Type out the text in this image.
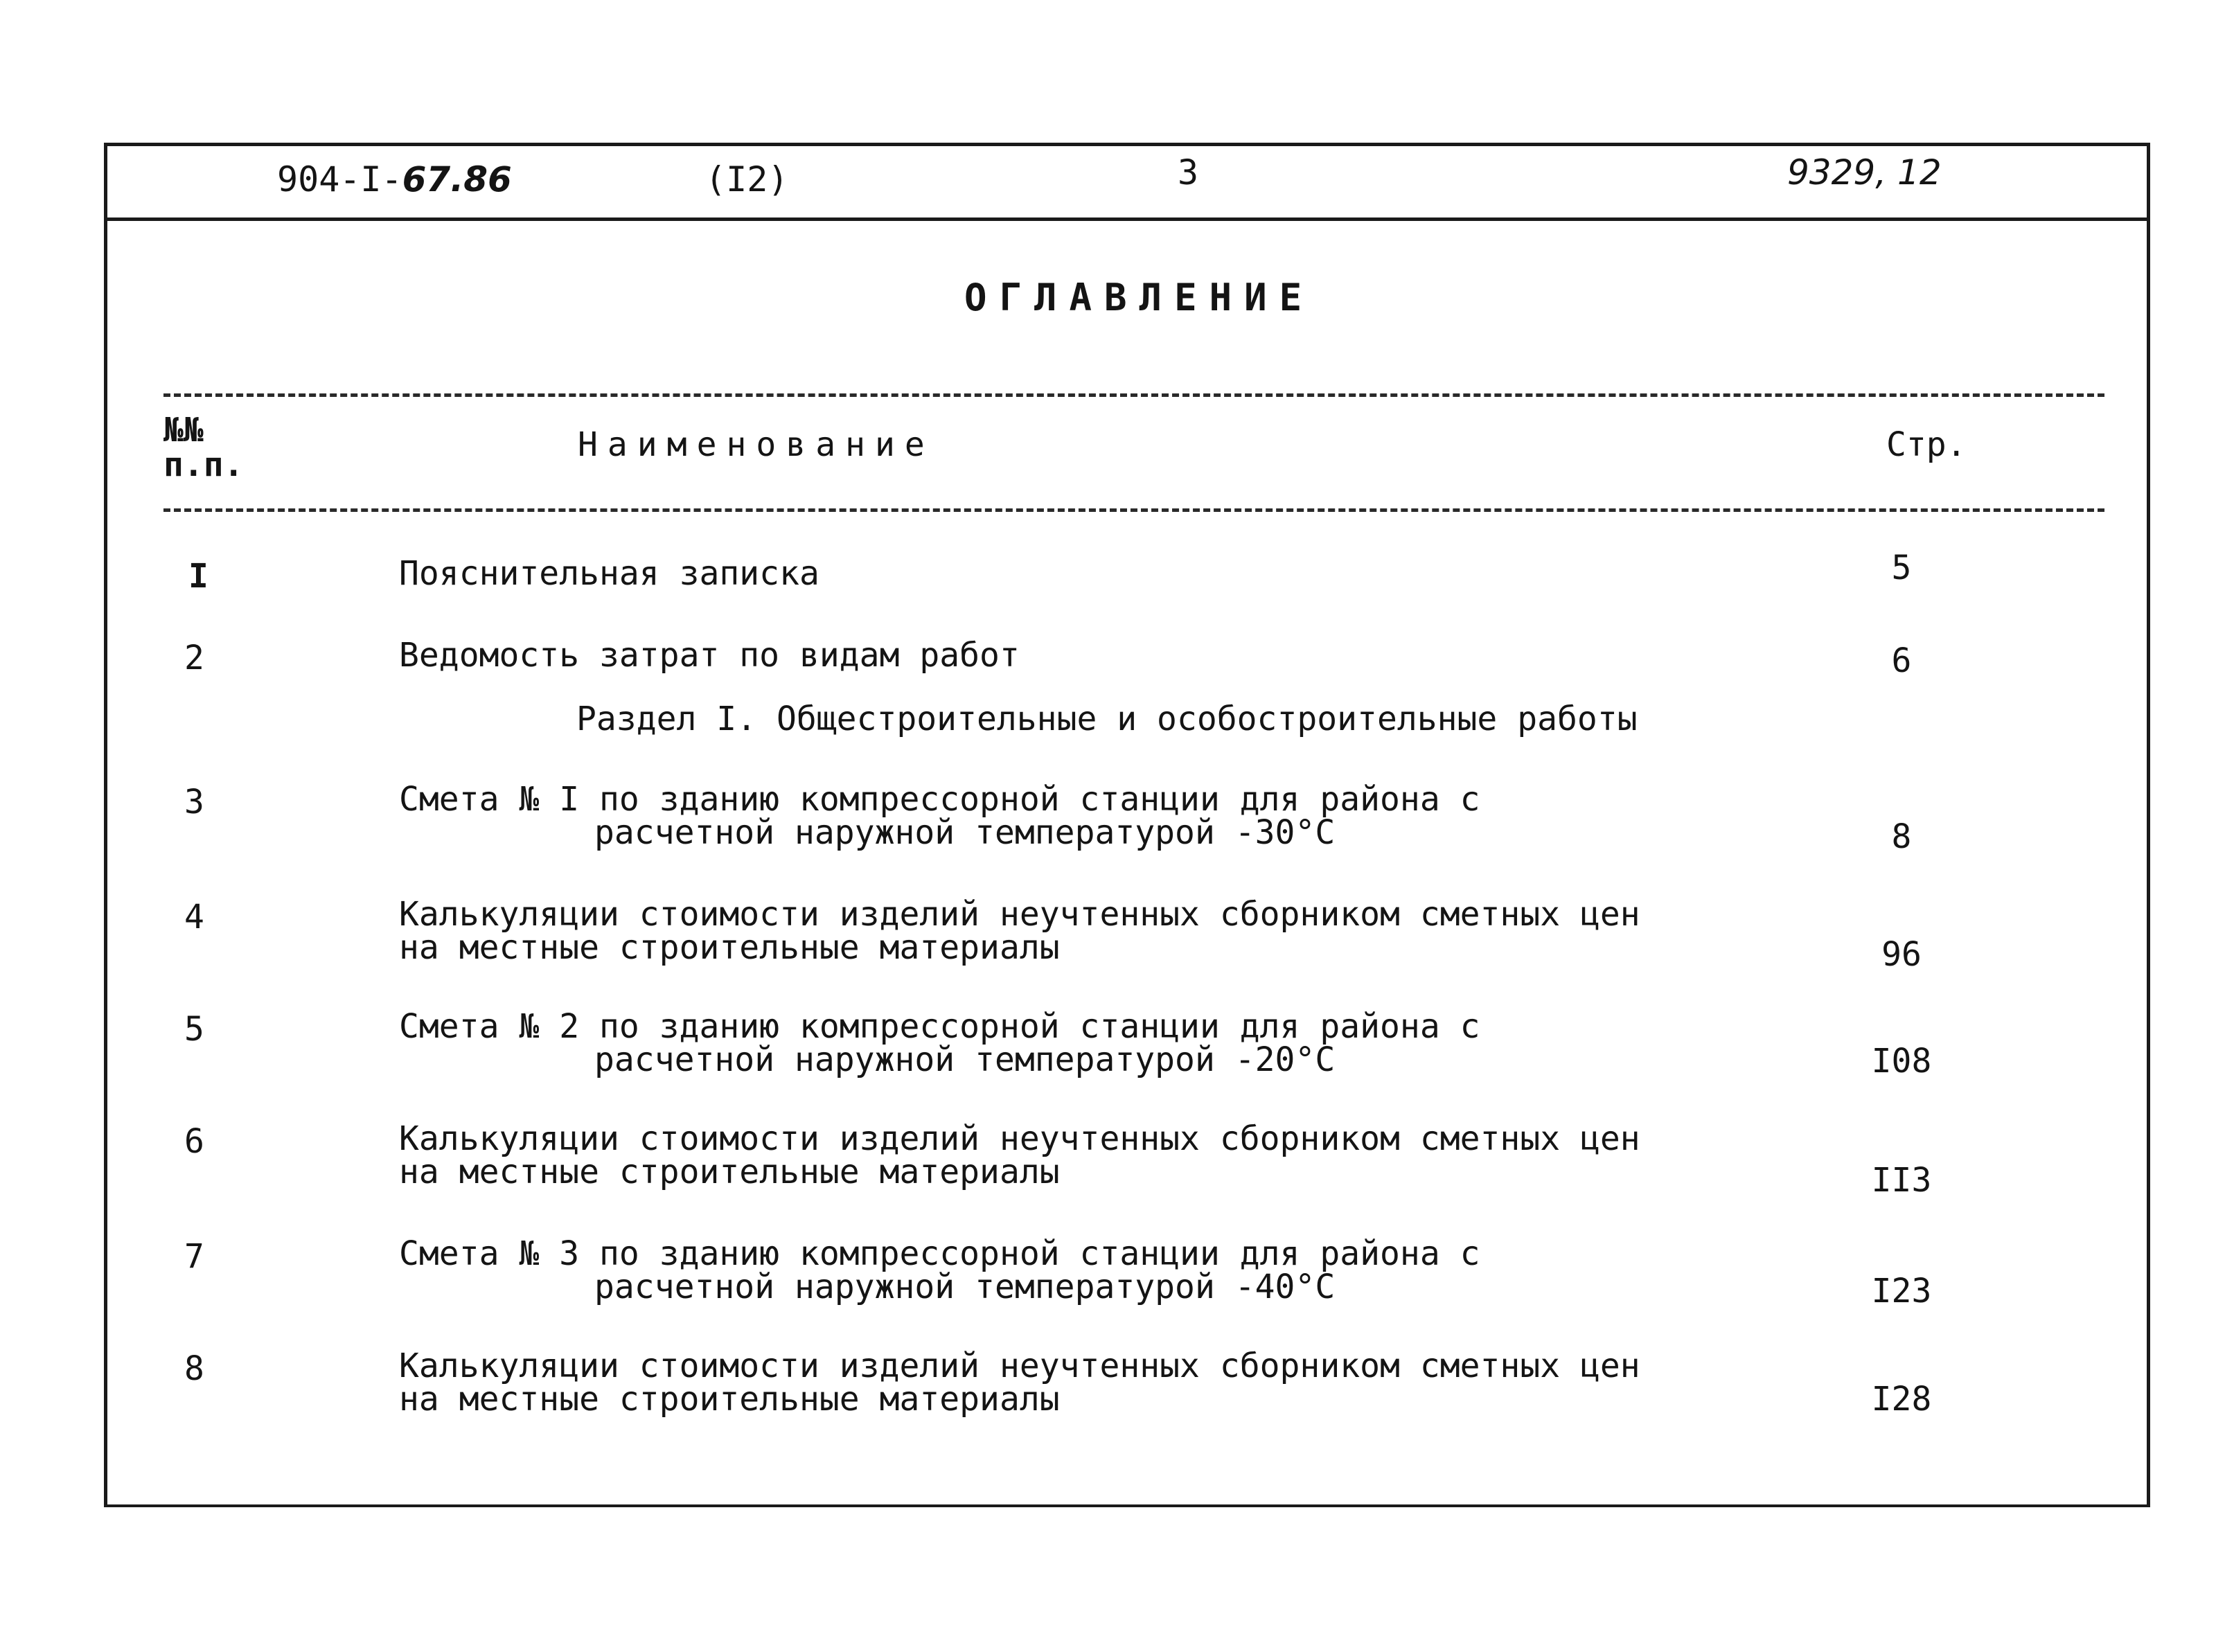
904-I-67.86	(I2)	3	9329, 12
ОГЛАВЛЕНИЕ
№№
п.п.
Наименование	Стр.
I	Пояснительная записка	5
2	Ведомость затрат по видам работ	6
Раздел I. Общестроительные и особостроительные работы
3	Смета № I по зданию компрессорной станции для района с
расчетной наружной температурой -30°С	8
4	Калькуляции стоимости изделий неучтенных сборником сметных цен
на местные строительные материалы	96
5	Смета № 2 по зданию компрессорной станции для района с
расчетной наружной температурой -20°С	I08
6	Калькуляции стоимости изделий неучтенных сборником сметных цен
на местные строительные материалы	II3
7	Смета № 3 по зданию компрессорной станции для района с
расчетной наружной температурой -40°С	I23
8	Калькуляции стоимости изделий неучтенных сборником сметных цен
на местные строительные материалы	I28
